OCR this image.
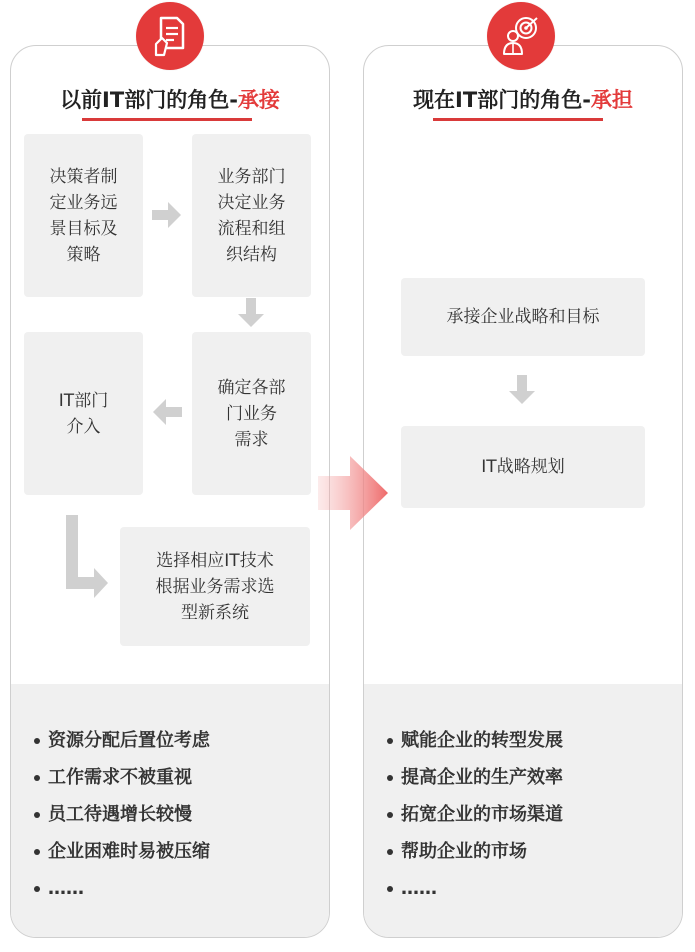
以前IT部门的角色- 承接	现在IT部门的角色- 承担
决策者制
定业务远
景目标及
策略
业务部门
决定业务
流程和组
织结构
确定各部
门业务
需求
IT部门
介入
选择相应IT技术
根据业务需求选
型新系统
承接企业战略和目标
IT战略规划
资源分配后置位考虑
工作需求不被重视
员工待遇增长较慢
企业困难时易被压缩
……
赋能企业的转型发展
提高企业的生产效率
拓宽企业的市场渠道
帮助企业的市场
……
